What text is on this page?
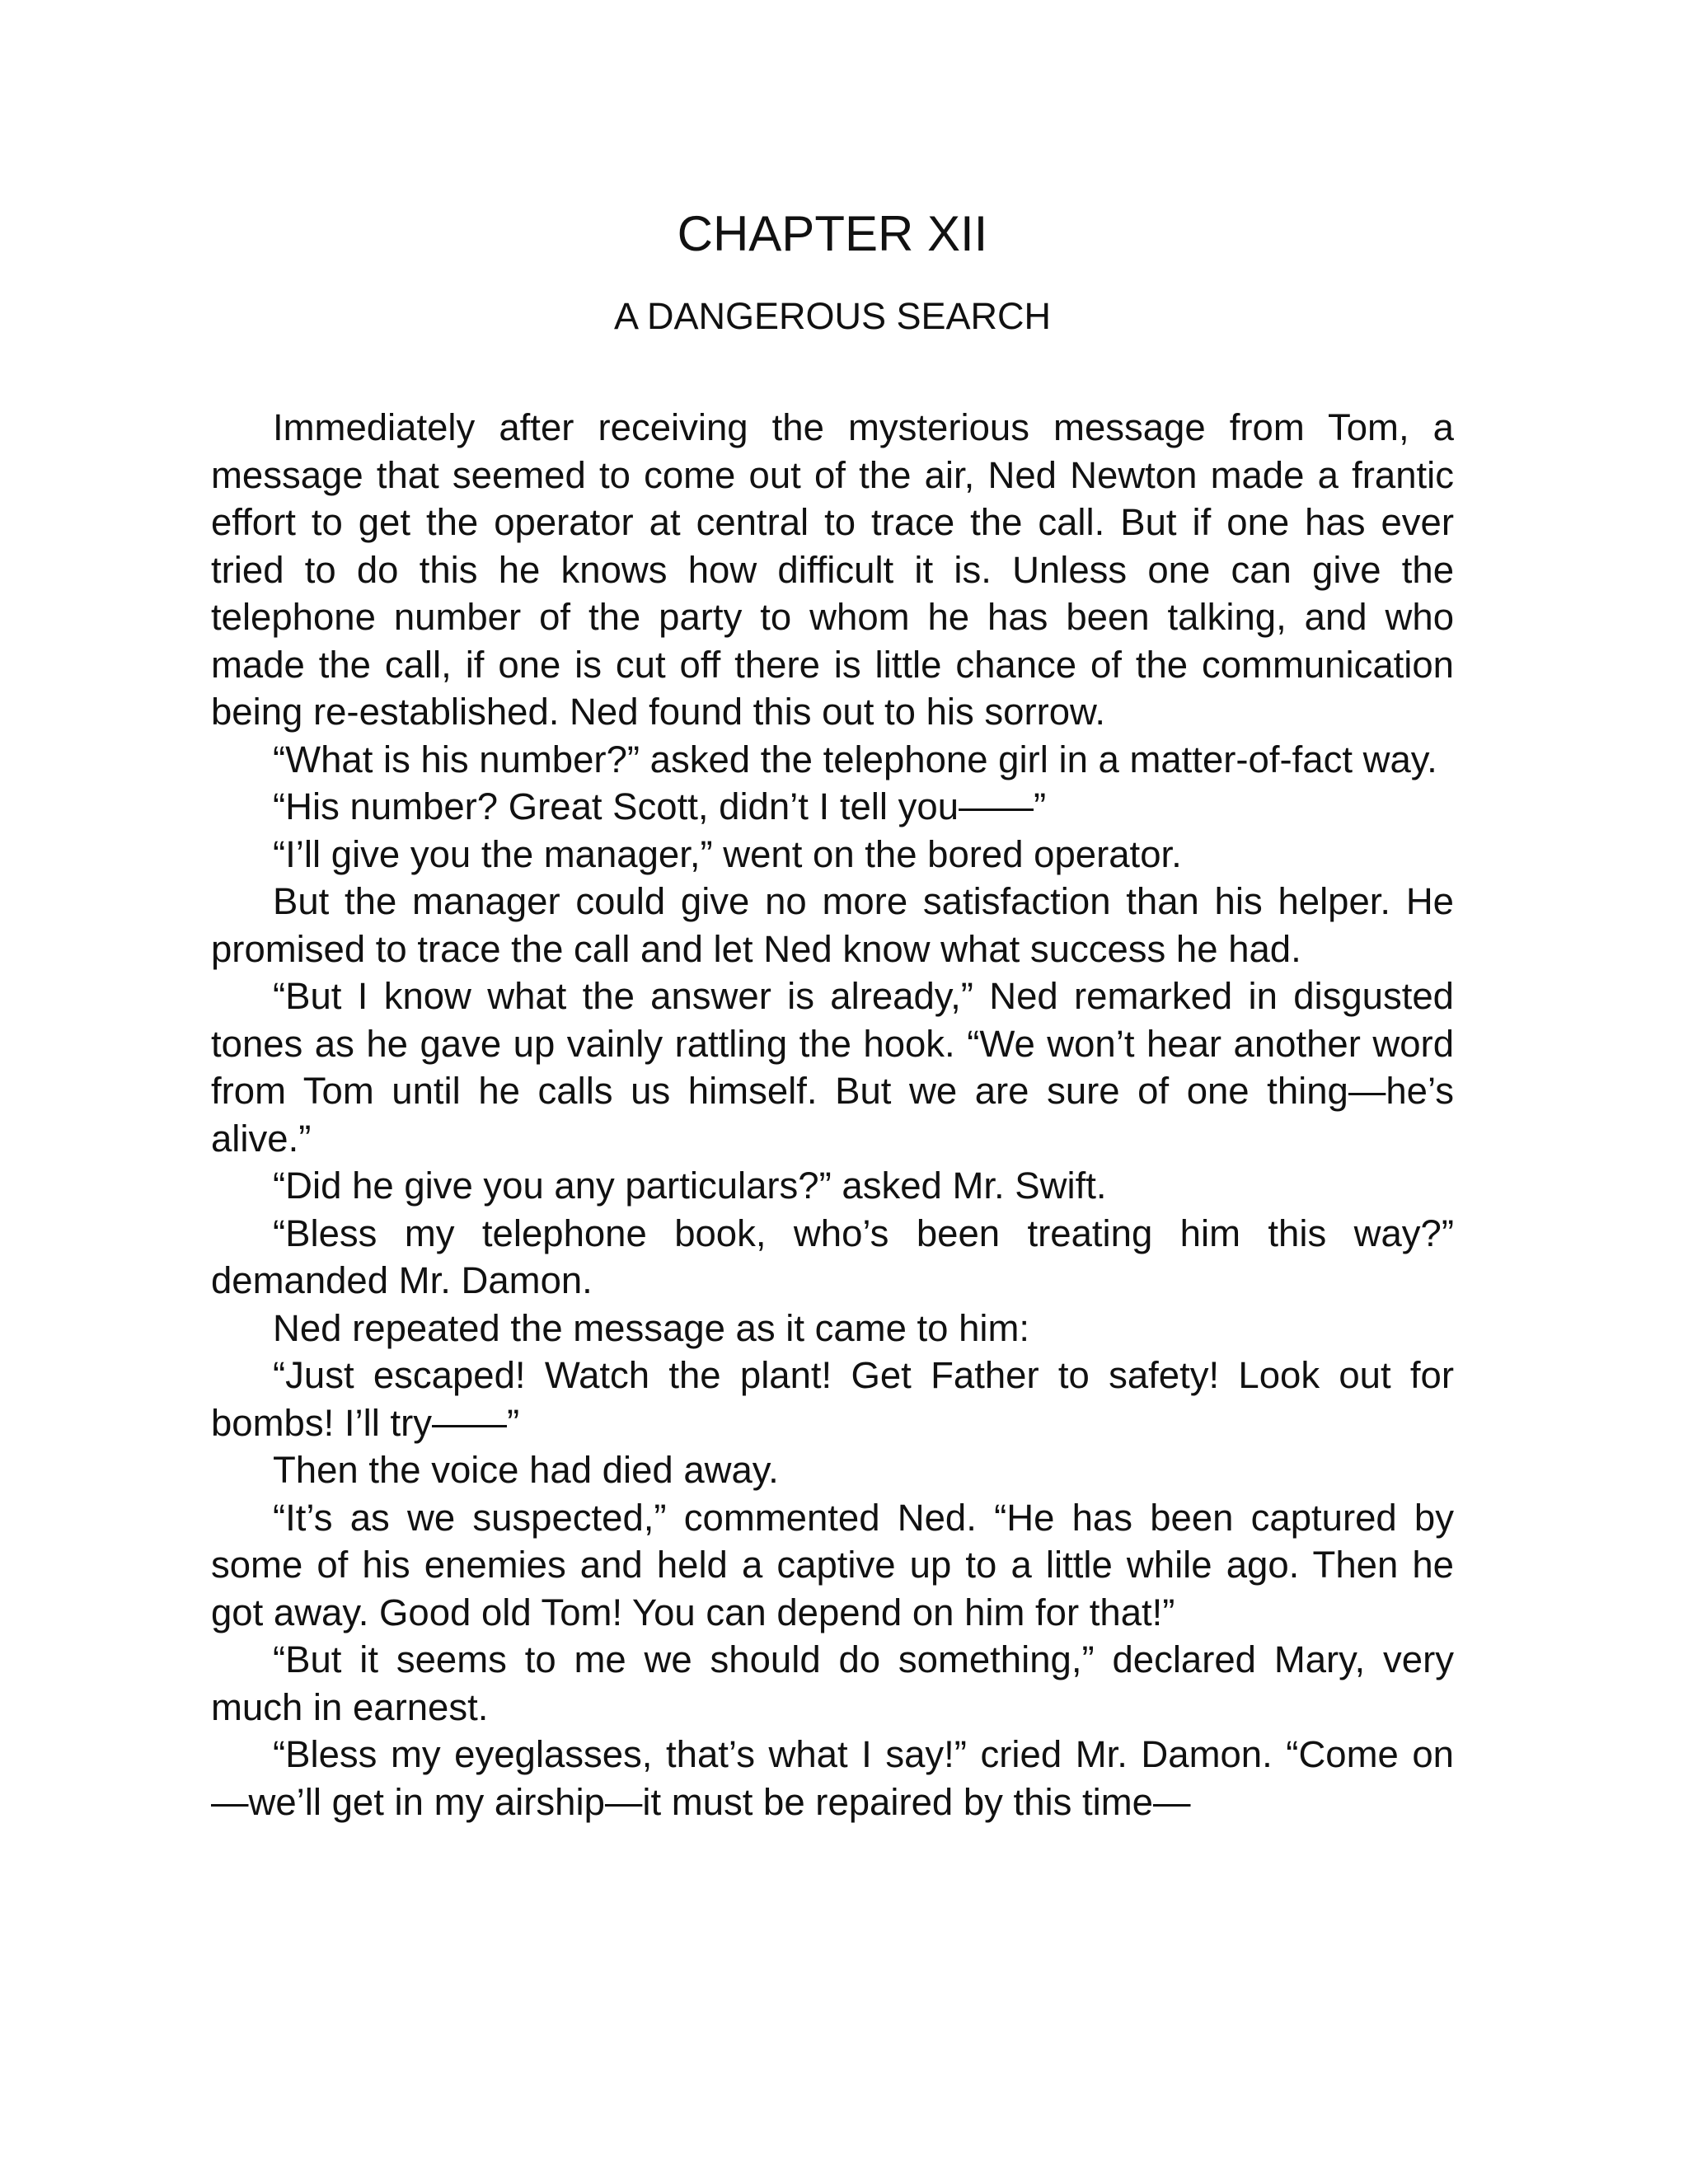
CHAPTER XII
A DANGEROUS SEARCH

Immediately after receiving the mysterious message from Tom, a message that seemed to come out of the air, Ned Newton made a frantic effort to get the operator at central to trace the call. But if one has ever tried to do this he knows how difficult it is. Unless one can give the telephone number of the party to whom he has been talking, and who made the call, if one is cut off there is little chance of the communication being re-established. Ned found this out to his sorrow.

“What is his number?” asked the telephone girl in a matter-of-fact way.

“His number? Great Scott, didn’t I tell you——”

“I’ll give you the manager,” went on the bored operator.

But the manager could give no more satisfaction than his helper. He promised to trace the call and let Ned know what success he had.

“But I know what the answer is already,” Ned remarked in disgusted tones as he gave up vainly rattling the hook. “We won’t hear another word from Tom until he calls us himself. But we are sure of one thing—he’s alive.”

“Did he give you any particulars?” asked Mr. Swift.

“Bless my telephone book, who’s been treating him this way?” demanded Mr. Damon.

Ned repeated the message as it came to him:

“Just escaped! Watch the plant! Get Father to safety! Look out for bombs! I’ll try——”

Then the voice had died away.

“It’s as we suspected,” commented Ned. “He has been captured by some of his enemies and held a captive up to a little while ago. Then he got away. Good old Tom! You can depend on him for that!”

“But it seems to me we should do something,” declared Mary, very much in earnest.

“Bless my eyeglasses, that’s what I say!” cried Mr. Damon. “Come on—we’ll get in my airship—it must be repaired by this time—
